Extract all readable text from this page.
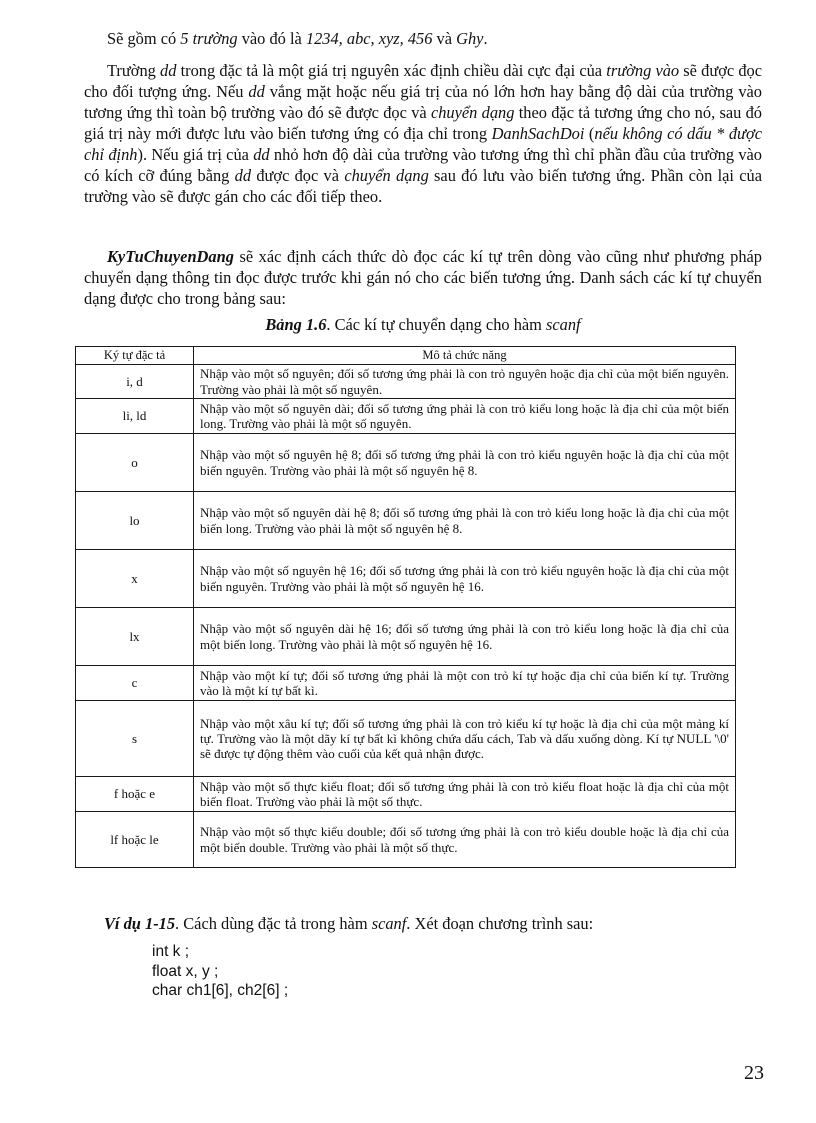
Sẽ gồm có 5 trường vào đó là 1234, abc, xyz, 456 và Ghy.

Trường dd trong đặc tả là một giá trị nguyên xác định chiều dài cực đại của trường vào sẽ được đọc cho đối tượng ứng. Nếu dd vắng mặt hoặc nếu giá trị của nó lớn hơn hay bằng độ dài của trường vào tương ứng thì toàn bộ trường vào đó sẽ được đọc và chuyển dạng theo đặc tả tương ứng cho nó, sau đó giá trị này mới được lưu vào biến tương ứng có địa chỉ trong DanhSachDoi (nếu không có dấu * được chỉ định). Nếu giá trị của dd nhỏ hơn độ dài của trường vào tương ứng thì chỉ phần đầu của trường vào có kích cỡ đúng bằng dd được đọc và chuyển dạng sau đó lưu vào biến tương ứng. Phần còn lại của trường vào sẽ được gán cho các đối tiếp theo.

KyTuChuyenDang sẽ xác định cách thức dò đọc các kí tự trên dòng vào cũng như phương pháp chuyển dạng thông tin đọc được trước khi gán nó cho các biến tương ứng. Danh sách các kí tự chuyển dạng được cho trong bảng sau:

Bảng 1.6. Các kí tự chuyển dạng cho hàm scanf
Ký tự đặc tả	Mô tả chức năng
i, d	Nhập vào một số nguyên; đối số tương ứng phải là con trỏ nguyên hoặc địa chỉ của một biến nguyên. Trường vào phải là một số nguyên.
li, ld	Nhập vào một số nguyên dài; đối số tương ứng phải là con trỏ kiểu long hoặc là địa chỉ của một biến long. Trường vào phải là một số nguyên.
o	Nhập vào một số nguyên hệ 8; đối số tương ứng phải là con trỏ kiểu nguyên hoặc là địa chỉ của một biến nguyên. Trường vào phải là một số nguyên hệ 8.
lo	Nhập vào một số nguyên dài hệ 8; đối số tương ứng phải là con trỏ kiểu long hoặc là địa chỉ của một biến long. Trường vào phải là một số nguyên hệ 8.
x	Nhập vào một số nguyên hệ 16; đối số tương ứng phải là con trỏ kiểu nguyên hoặc là địa chỉ của một biến nguyên. Trường vào phải là một số nguyên hệ 16.
lx	Nhập vào một số nguyên dài hệ 16; đối số tương ứng phải là con trỏ kiểu long hoặc là địa chỉ của một biến long. Trường vào phải là một số nguyên hệ 16.
c	Nhập vào một kí tự; đối số tương ứng phải là một con trỏ kí tự hoặc địa chỉ của biến kí tự. Trường vào là một kí tự bất kì.
s	Nhập vào một xâu kí tự; đối số tương ứng phải là con trỏ kiểu kí tự hoặc là địa chỉ của một mảng kí tự. Trường vào là một dãy kí tự bất kì không chứa dấu cách, Tab và dấu xuống dòng. Kí tự NULL '\0' sẽ được tự động thêm vào cuối của kết quả nhận được.
f hoặc e	Nhập vào một số thực kiểu float; đối số tương ứng phải là con trỏ kiểu float hoặc là địa chỉ của một biến float. Trường vào phải là một số thực.
lf hoặc le	Nhập vào một số thực kiểu double; đối số tương ứng phải là con trỏ kiểu double hoặc là địa chỉ của một biến double. Trường vào phải là một số thực.
Ví dụ 1-15. Cách dùng đặc tả trong hàm scanf. Xét đoạn chương trình sau:
int k ;
float x, y ;
char ch1[6], ch2[6] ;
23
